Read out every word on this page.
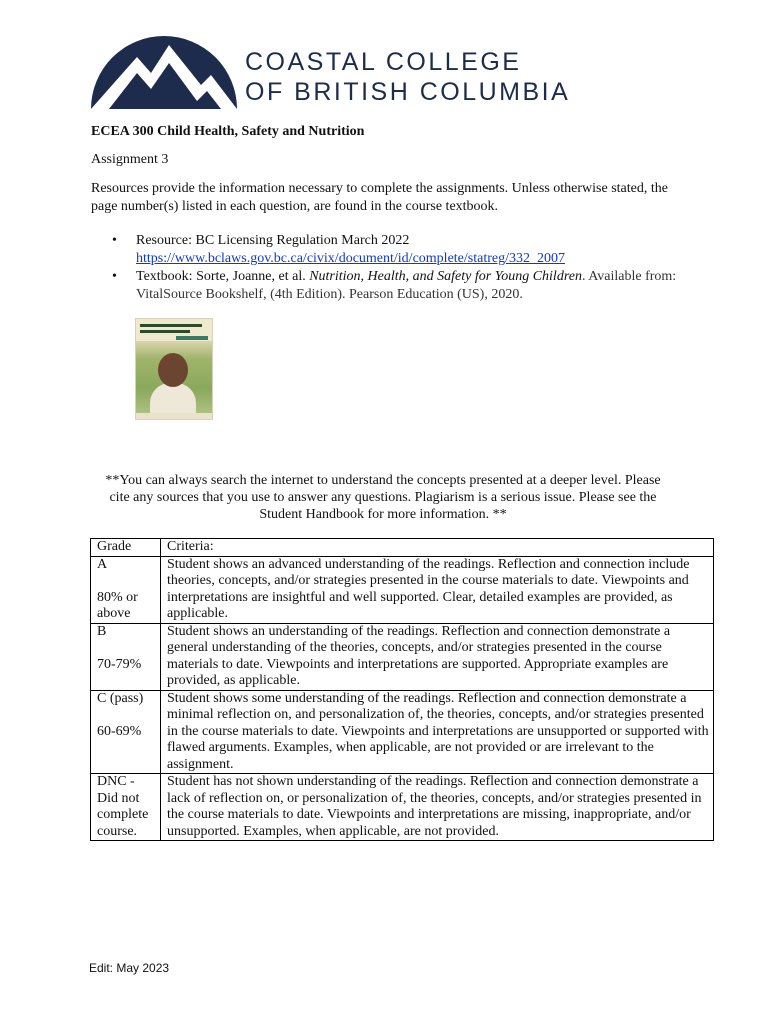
COASTAL COLLEGE
OF BRITISH COLUMBIA
ECEA 300 Child Health, Safety and Nutrition
Assignment 3
Resources provide the information necessary to complete the assignments. Unless otherwise stated, the page number(s) listed in each question, are found in the course textbook.
• Resource: BC Licensing Regulation March 2022
https://www.bclaws.gov.bc.ca/civix/document/id/complete/statreg/332_2007
• Textbook: Sorte, Joanne, et al. Nutrition, Health, and Safety for Young Children. Available from: VitalSource Bookshelf, (4th Edition). Pearson Education (US), 2020.
**You can always search the internet to understand the concepts presented at a deeper level. Please cite any sources that you use to answer any questions. Plagiarism is a serious issue. Please see the Student Handbook for more information. **
Grade	Criteria:

A
80% or above	Student shows an advanced understanding of the readings. Reflection and connection include theories, concepts, and/or strategies presented in the course materials to date. Viewpoints and interpretations are insightful and well supported. Clear, detailed examples are provided, as applicable.

B
70-79%	Student shows an understanding of the readings. Reflection and connection demonstrate a general understanding of the theories, concepts, and/or strategies presented in the course materials to date. Viewpoints and interpretations are supported. Appropriate examples are provided, as applicable.

C (pass)
60-69%	Student shows some understanding of the readings. Reflection and connection demonstrate a minimal reflection on, and personalization of, the theories, concepts, and/or strategies presented in the course materials to date. Viewpoints and interpretations are unsupported or supported with flawed arguments. Examples, when applicable, are not provided or are irrelevant to the assignment.

DNC - Did not complete course.	Student has not shown understanding of the readings. Reflection and connection demonstrate a lack of reflection on, or personalization of, the theories, concepts, and/or strategies presented in the course materials to date. Viewpoints and interpretations are missing, inappropriate, and/or unsupported. Examples, when applicable, are not provided.
Edit: May 2023
